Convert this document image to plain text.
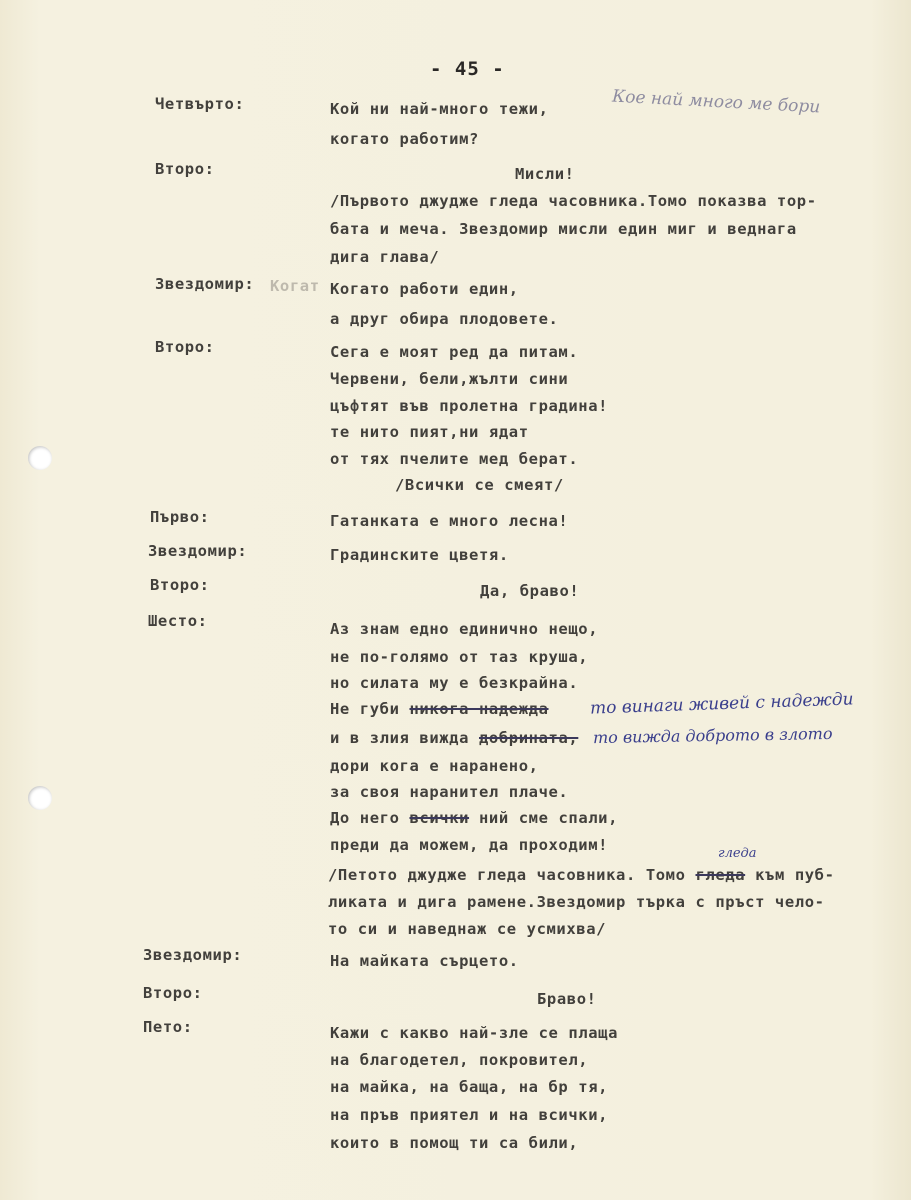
- 45 -
Кое най много ме бори
Четвърто:	Кой ни най-много тежи,
когато работим?
Второ:	Мисли!
/Първото джудже гледа часовника.Томо показва тор-
бата и меча. Звездомир мисли един миг и веднага
дига глава/
Звездомир: Когат Когато работи един,
а друг обира плодовете.
Второ:	Сега е моят ред да питам.
Червени, бели,жълти сини
цъфтят във пролетна градина!
те нито пият,ни ядат
от тях пчелите мед берат.
/Всички се смеят/
Първо:	Гатанката е много лесна!
Звездомир:	Градинските цветя.
Второ:	Да, браво!
Шесто:	Аз знам едно единично нещо,
не по-голямо от таз круша,
но силата му е безкрайна.
Не губи никога надежда то винаги живей с надежди
и в злия вижда добрината, то вижда доброто в злото
дори кога е наранено,
за своя наранител плаче.
До него всички ний сме спали,
преди да можем, да проходим!	гледа
/Петото джудже гледа часовника. Томо гледа към пуб-
ликата и дига рамене.Звездомир търка с пръст чело-
то си и наведнаж се усмихва/
Звездомир:	На майката сърцето.
Второ:	Браво!
Пето:	Кажи с какво най-зле се плаща
на благодетел, покровител,
на майка, на баща, на бр тя,
на пръв приятел и на всички,
които в помощ ти са били,
